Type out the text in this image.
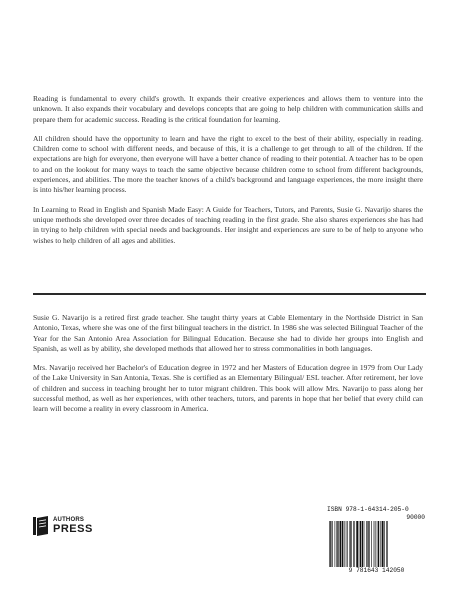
Reading is fundamental to every child's growth. It expands their creative experiences and allows them to venture into the unknown. It also expands their vocabulary and develops concepts that are going to help children with communication skills and prepare them for academic success. Reading is the critical foundation for learning.

All children should have the opportunity to learn and have the right to excel to the best of their ability, especially in reading. Children come to school with different needs, and because of this, it is a challenge to get through to all of the children. If the expectations are high for everyone, then everyone will have a better chance of reading to their potential. A teacher has to be open to and on the lookout for many ways to teach the same objective because children come to school from different backgrounds, experiences, and abilities. The more the teacher knows of a child's background and language experiences, the more insight there is into his/her learning process.

In Learning to Read in English and Spanish Made Easy: A Guide for Teachers, Tutors, and Parents, Susie G. Navarijo shares the unique methods she developed over three decades of teaching reading in the first grade. She also shares experiences she has had in trying to help children with special needs and backgrounds. Her insight and experiences are sure to be of help to anyone who wishes to help children of all ages and abilities.

Susie G. Navarijo is a retired first grade teacher. She taught thirty years at Cable Elementary in the Northside District in San Antonio, Texas, where she was one of the first bilingual teachers in the district. In 1986 she was selected Bilingual Teacher of the Year for the San Antonio Area Association for Bilingual Education. Because she had to divide her groups into English and Spanish, as well as by ability, she developed methods that allowed her to stress commonalities in both languages.

Mrs. Navarijo received her Bachelor's of Education degree in 1972 and her Masters of Education degree in 1979 from Our Lady of the Lake University in San Antonia, Texas. She is certified as an Elementary Bilingual/ ESL teacher. After retirement, her love of children and success in teaching brought her to tutor migrant children. This book will allow Mrs. Navarijo to pass along her successful method, as well as her experiences, with other teachers, tutors, and parents in hope that her belief that every child can learn will become a reality in every classroom in America.

AUTHORS
PRESS
ISBN 978-1-64314-205-0
90000
9 781643 142050
